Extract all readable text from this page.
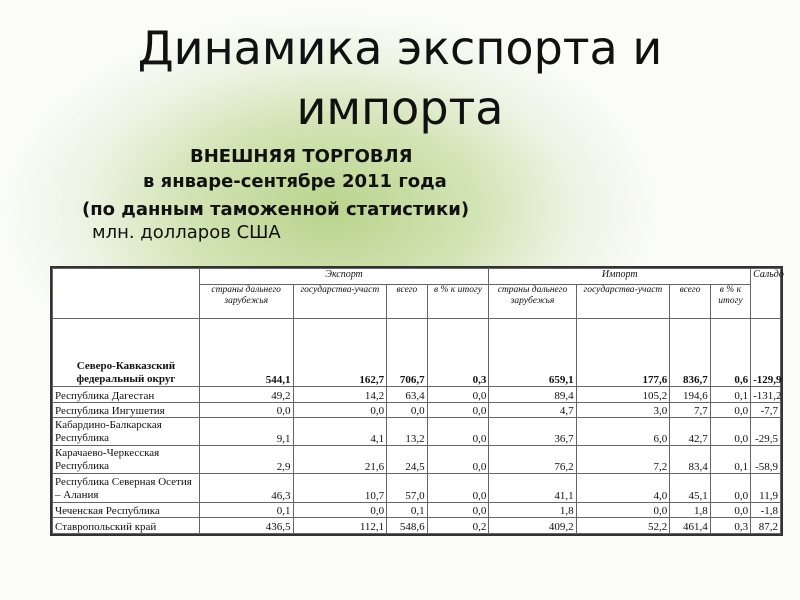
Динамика экспорта и
импорта
ВНЕШНЯЯ ТОРГОВЛЯ
в январе-сентябре 2011 года
(по данным таможенной статистики)
млн. долларов США
	Экспорт				Импорт				Сальдо
	страны дальнего зарубежья	государства-участ	всего	в % к итогу	страны дальнего зарубежья	государства-участ	всего	в % к итогу	
Северо-Кавказский федеральный округ	544,1	162,7	706,7	0,3	659,1	177,6	836,7	0,6	-129,9
Республика Дагестан	49,2	14,2	63,4	0,0	89,4	105,2	194,6	0,1	-131,2
Республика Ингушетия	0,0	0,0	0,0	0,0	4,7	3,0	7,7	0,0	-7,7
Кабардино-Балкарская Республика	9,1	4,1	13,2	0,0	36,7	6,0	42,7	0,0	-29,5
Карачаево-Черкесская Республика	2,9	21,6	24,5	0,0	76,2	7,2	83,4	0,1	-58,9
Республика Северная Осетия – Алания	46,3	10,7	57,0	0,0	41,1	4,0	45,1	0,0	11,9
Чеченская Республика	0,1	0,0	0,1	0,0	1,8	0,0	1,8	0,0	-1,8
Ставропольский край	436,5	112,1	548,6	0,2	409,2	52,2	461,4	0,3	87,2
